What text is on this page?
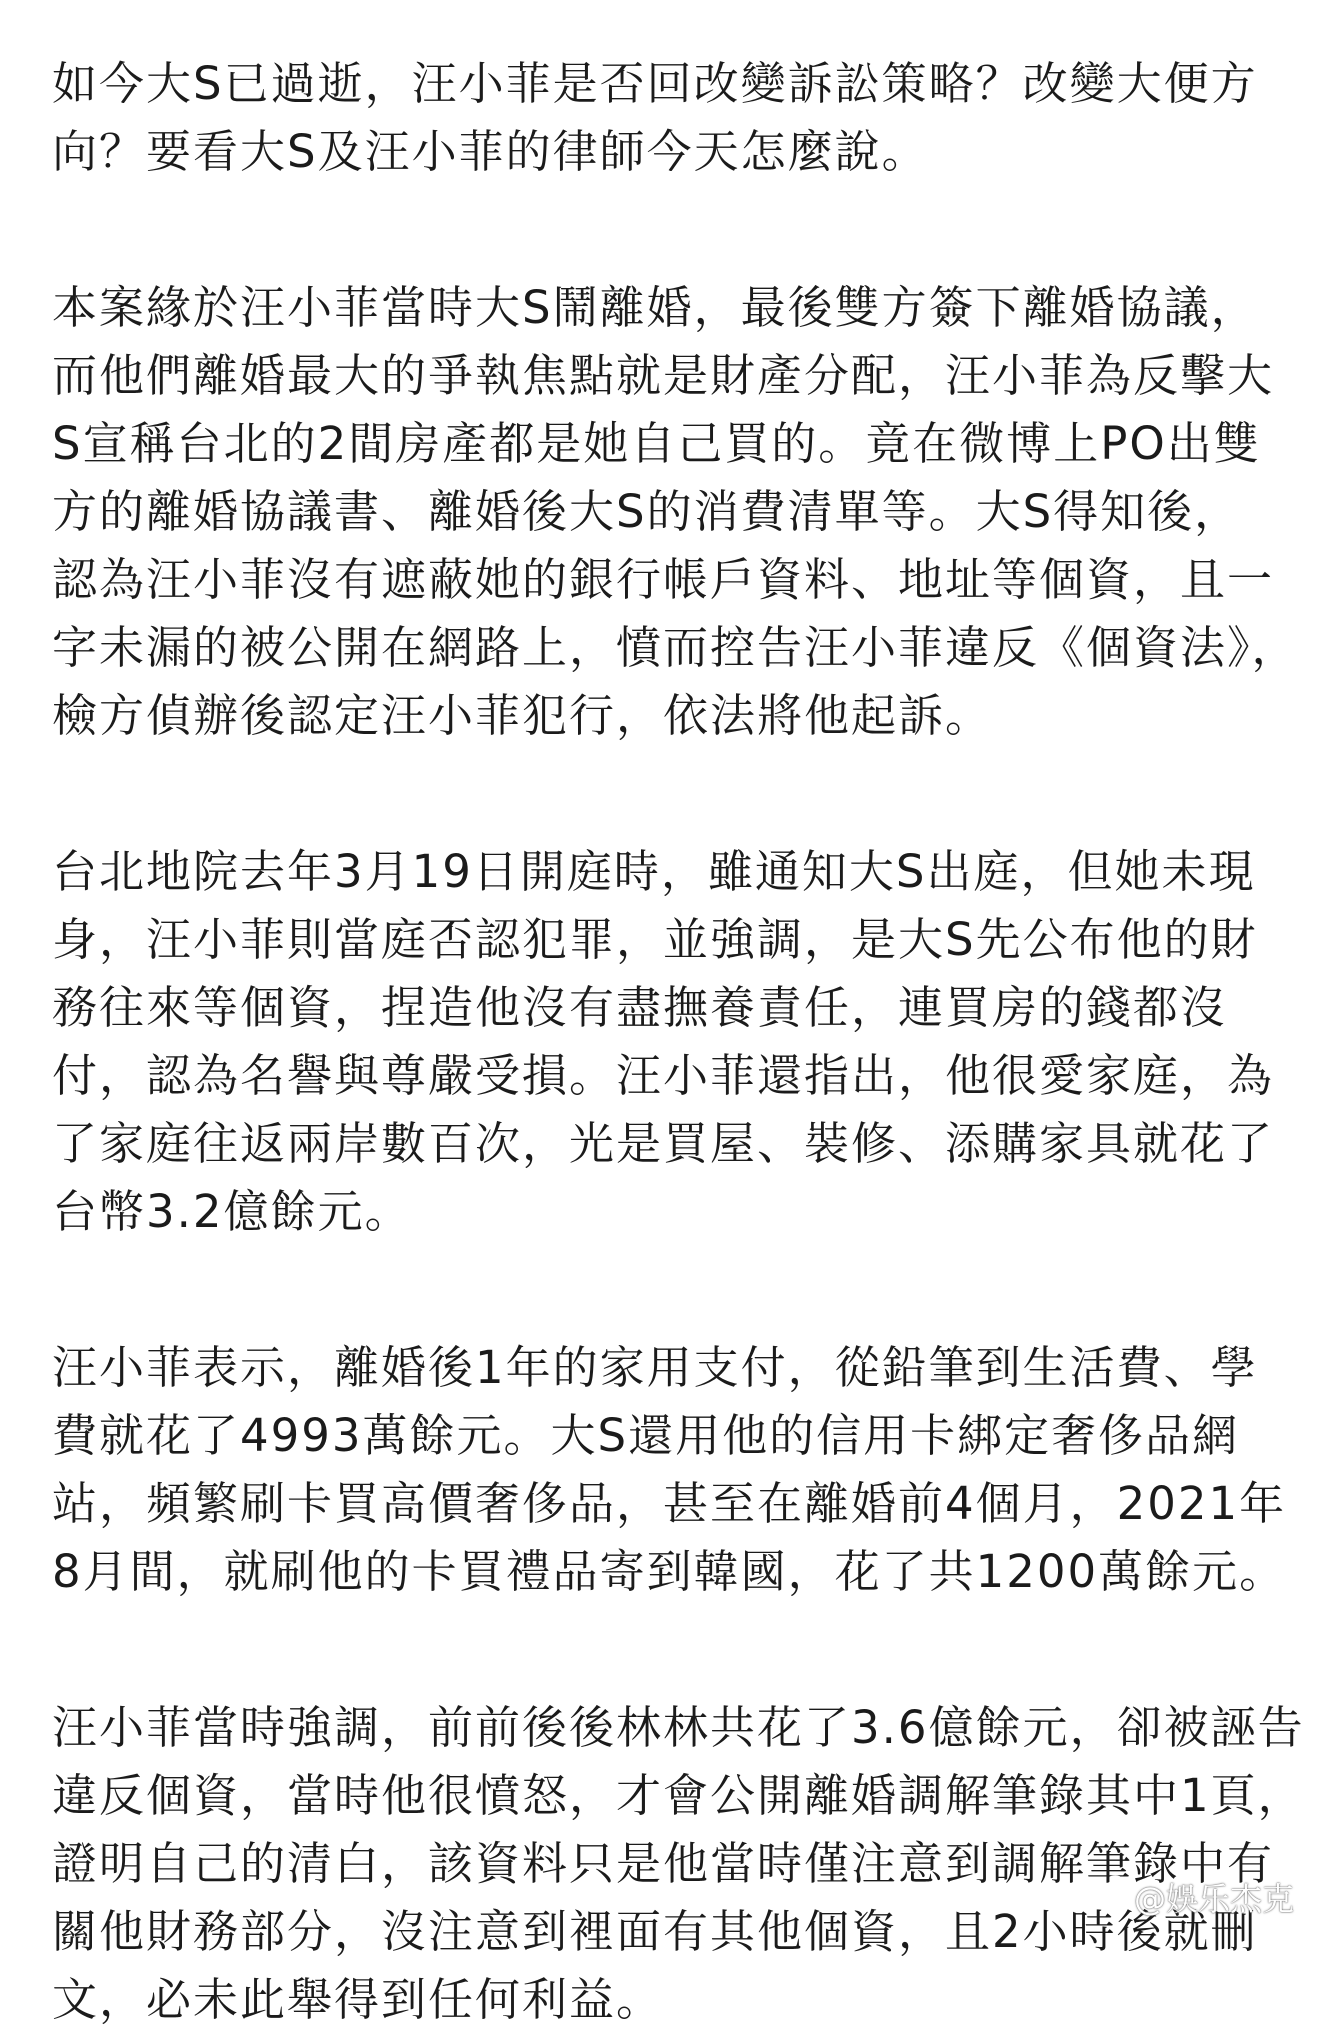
如今大S已過逝，汪小菲是否回改變訴訟策略？改變大便方
向？要看大S及汪小菲的律師今天怎麼說。
本案緣於汪小菲當時大S鬧離婚，最後雙方簽下離婚協議，
而他們離婚最大的爭執焦點就是財產分配，汪小菲為反擊大
S宣稱台北的2間房產都是她自己買的。竟在微博上PO出雙
方的離婚協議書、離婚後大S的消費清單等。大S得知後，
認為汪小菲沒有遮蔽她的銀行帳戶資料、地址等個資，且一
字未漏的被公開在網路上，憤而控告汪小菲違反《個資法》，
檢方偵辦後認定汪小菲犯行，依法將他起訴。
台北地院去年3月19日開庭時，雖通知大S出庭，但她未現
身，汪小菲則當庭否認犯罪，並強調，是大S先公布他的財
務往來等個資，捏造他沒有盡撫養責任，連買房的錢都沒
付，認為名譽與尊嚴受損。汪小菲還指出，他很愛家庭，為
了家庭往返兩岸數百次，光是買屋、裝修、添購家具就花了
台幣3.2億餘元。
汪小菲表示，離婚後1年的家用支付，從鉛筆到生活費、學
費就花了4993萬餘元。大S還用他的信用卡綁定奢侈品網
站，頻繁刷卡買高價奢侈品，甚至在離婚前4個月，2021年
8月間，就刷他的卡買禮品寄到韓國，花了共1200萬餘元。
汪小菲當時強調，前前後後林林共花了3.6億餘元，卻被誣告
違反個資，當時他很憤怒，才會公開離婚調解筆錄其中1頁，
證明自己的清白，該資料只是他當時僅注意到調解筆錄中有
關他財務部分，沒注意到裡面有其他個資，且2小時後就刪
文，必未此舉得到任何利益。
@娛乐杰克
